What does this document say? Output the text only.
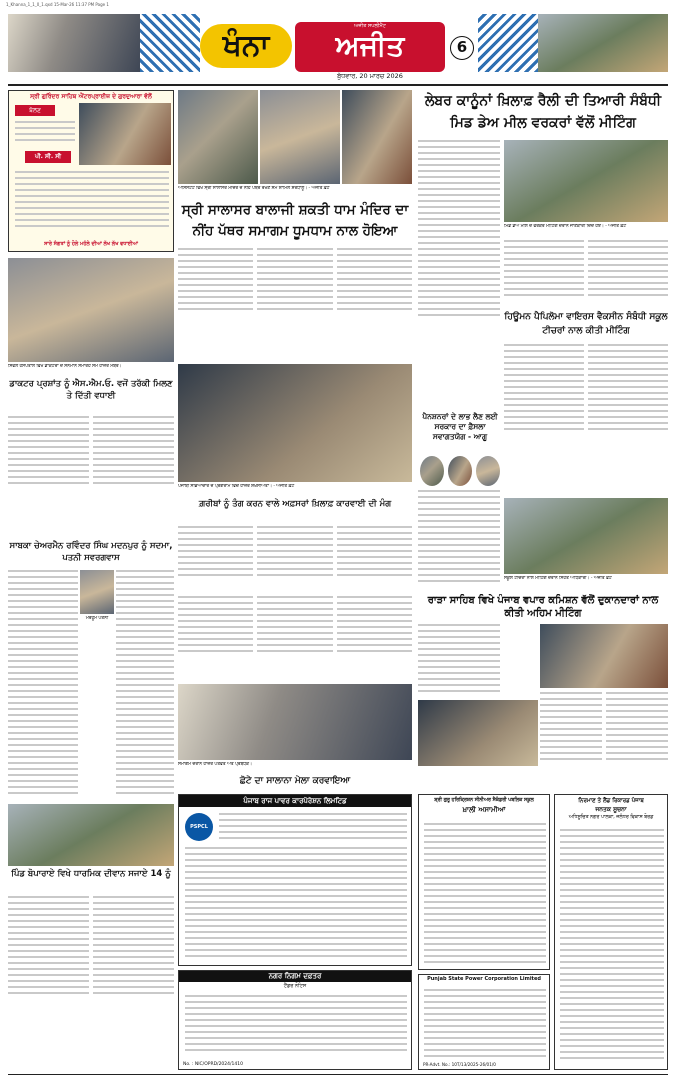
1_Khanna_1_1_0_1.qxd 15-Mar-26 11:37 PM Page 1
ਖੰਨਾ
ਅਜੀਤ ਸਪਲੀਮੈਂਟ
ਅਜੀਤ
ਬੁੱਧਵਾਰ, 20 ਮਾਰਚ 2026
6
ਸ੍ਰੀ ਗੁਰਿੰਦਰ ਸਾਹਿਬ ਐਂਟਰਪ੍ਰਾਈਜ਼ ਦੇ ਗੁਰਦੁਆਰਾ ਵੱਲੋਂ
ਬੋਲਣ
ਪੀ. ਸੀ. ਸੀ
ਸਾਰੇ ਸੰਗਤਾਂ ਨੂੰ ਹੋਲੇ ਮਹੱਲੇ ਦੀਆਂ ਲੱਖ ਲੱਖ ਵਧਾਈਆਂ
ਅਸਿਸਟੈਂਟ ਵਿਖੇ ਸ੍ਰੀ ਸਾਲਾਸਰ ਮੰਦਿਰ ਦੇ ਨੀਂਹ ਪੱਥਰ ਰੱਖਣ ਸਮੇਂ ਸ਼ਾਮਿਲ ਸ਼ਰਧਾਲੂ। - ਅਜੀਤ ਫ਼ੋਟੋ
ਸ੍ਰੀ ਸਾਲਾਸਰ ਬਾਲਾਜੀ ਸ਼ਕਤੀ ਧਾਮ ਮੰਦਿਰ ਦਾ ਨੀਂਹ ਪੱਥਰ ਸਮਾਗਮ ਧੂਮਧਾਮ ਨਾਲ ਹੋਇਆ
ਲੇਬਰ ਕਾਨੂੰਨਾਂ ਖ਼ਿਲਾਫ਼ ਰੈਲੀ ਦੀ ਤਿਆਰੀ ਸੰਬੰਧੀ ਮਿਡ ਡੇਅ ਮੀਲ ਵਰਕਰਾਂ ਵੱਲੋਂ ਮੀਟਿੰਗ
ਮਿਡ ਡੇਅ ਮੀਲ ਦੇ ਵਰਕਰ ਮੀਟਿੰਗ ਦੌਰਾਨ ਜਾਣਕਾਰੀ ਦਿੰਦੇ ਹੋਏ। - ਅਜੀਤ ਫ਼ੋਟੋ
ਸਿਵਲ ਹਸਪਤਾਲ ਵਿਖੇ ਡਾਕਟਰਾਂ ਦੇ ਸਨਮਾਨ ਸਮਾਰੋਹ ਸਮੇਂ ਹਾਜ਼ਰ ਮੈਂਬਰ।
ਡਾਕਟਰ ਪ੍ਰਸ਼ਾਂਤ ਨੂੰ ਐਸ.ਐਮ.ਓ. ਵਜੋਂ ਤਰੱਕੀ ਮਿਲਣ ਤੇ ਦਿੱਤੀ ਵਧਾਈ
ਪੰਜਾਬੀ ਸੱਭਿਆਚਾਰ ਦੇ ਪ੍ਰੋਗਰਾਮ ਵਿਚ ਹਾਜ਼ਰ ਸ਼ਖ਼ਸੀਅਤਾਂ। - ਅਜੀਤ ਫ਼ੋਟੋ
ਗ਼ਰੀਬਾਂ ਨੂੰ ਤੰਗ ਕਰਨ ਵਾਲੇ ਅਫ਼ਸਰਾਂ ਖ਼ਿਲਾਫ਼ ਕਾਰਵਾਈ ਦੀ ਮੰਗ
ਹਿਊਮਨ ਪੈਪਿਲੋਮਾ ਵਾਇਰਸ ਵੈਕਸੀਨ ਸੰਬੰਧੀ ਸਕੂਲ ਟੀਚਰਾਂ ਨਾਲ ਕੀਤੀ ਮੀਟਿੰਗ
ਪੈਨਸ਼ਨਰਾਂ ਦੇ ਲਾਭ ਲੈਣ ਲਈ ਸਰਕਾਰ ਦਾ ਫ਼ੈਸਲਾ ਸਵਾਗਤਯੋਗ - ਆਗੂ
ਸਕੂਲ ਟੀਚਰਾਂ ਨਾਲ ਮੀਟਿੰਗ ਦੌਰਾਨ ਸਿਹਤ ਅਧਿਕਾਰੀ। - ਅਜੀਤ ਫ਼ੋਟੋ
ਸਾਬਕਾ ਚੇਅਰਮੈਨ ਰਵਿੰਦਰ ਸਿੰਘ ਮਦਨਪੁਰ ਨੂੰ ਸਦਮਾ, ਪਤਨੀ ਸਵਰਗਵਾਸ
ਮਰਹੂਮ ਪਤਨੀ
ਸਮਾਗਮ ਦੌਰਾਨ ਹਾਜ਼ਰ ਪਤਵੰਤੇ ਅਤੇ ਪ੍ਰਬੰਧਕ।
ਛੋਟੇ ਦਾ ਸਾਲਾਨਾ ਮੇਲਾ ਕਰਵਾਇਆ
ਰਾੜਾ ਸਾਹਿਬ ਵਿਖੇ ਪੰਜਾਬ ਵਪਾਰ ਕਮਿਸ਼ਨ ਵੱਲੋਂ ਦੁਕਾਨਦਾਰਾਂ ਨਾਲ ਕੀਤੀ ਅਹਿਮ ਮੀਟਿੰਗ
ਪਿੰਡ ਬੋਪਾਰਾਏ ਵਿਖੇ ਧਾਰਮਿਕ ਦੀਵਾਨ ਸਜਾਏ 14 ਨੂੰ
ਪੰਜਾਬ ਰਾਜ ਪਾਵਰ ਕਾਰਪੋਰੇਸ਼ਨ ਲਿਮਟਿਡ
PSPCL
ਨਗਰ ਨਿਗਮ ਦਫ਼ਤਰ
ਟੈਂਡਰ ਨੋਟਿਸ
No. : NIC/OPRD/2024/1410
ਸ਼੍ਰੀ ਗੁਰੂ ਹਰਿਕ੍ਰਿਸ਼ਨ ਸੀਨੀਅਰ ਸੈਕੰਡਰੀ ਪਬਲਿਕ ਸਕੂਲ
ਖ਼ਾਲੀ ਅਸਾਮੀਆਂ
Punjab State Power Corporation Limited
PR-Advt. No.: 10T/13/2025-26/01/0
ਨਿਰਮਾਣ ਤੇ ਲੈਂਡ ਰਿਕਾਰਡ ਪੰਜਾਬ
ਜਨਤਕ ਸੂਚਨਾ
ਅਧਿਸੂਚਿਤ ਨਗਰ ਪਾਲਕਾ, ਜਲੰਧਰ ਵਿਕਾਸ ਬੋਰਡ
